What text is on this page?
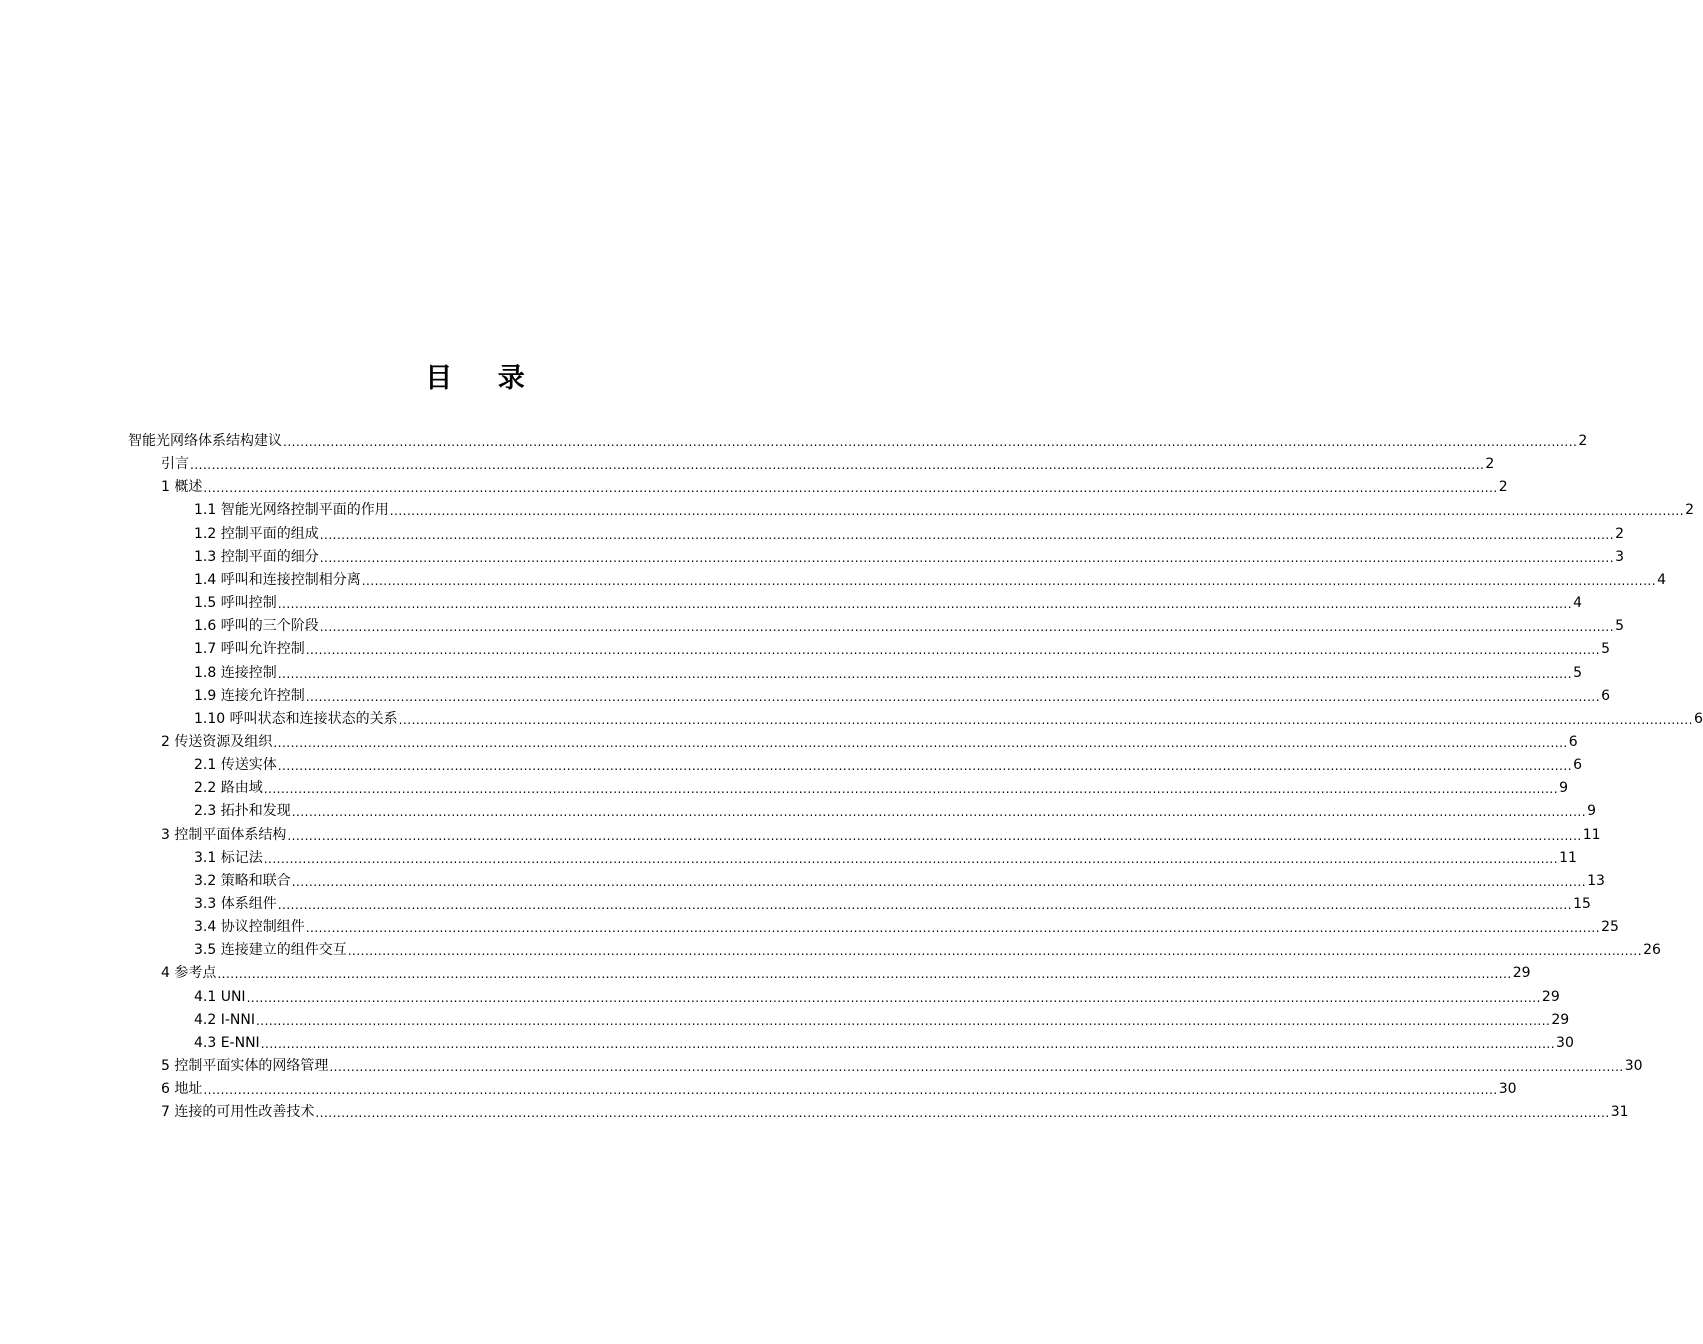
目 录
智能光网络体系结构建议 ............................................................................................................................................................................................................................................................................................................ 2
引言 ............................................................................................................................................................................................................................................................................................................ 2
1 概述 ............................................................................................................................................................................................................................................................................................................ 2
1.1 智能光网络控制平面的作用 ............................................................................................................................................................................................................................................................................................................ 2
1.2 控制平面的组成 ............................................................................................................................................................................................................................................................................................................ 2
1.3 控制平面的细分 ............................................................................................................................................................................................................................................................................................................ 3
1.4 呼叫和连接控制相分离 ............................................................................................................................................................................................................................................................................................................ 4
1.5 呼叫控制 ............................................................................................................................................................................................................................................................................................................ 4
1.6 呼叫的三个阶段 ............................................................................................................................................................................................................................................................................................................ 5
1.7 呼叫允许控制 ............................................................................................................................................................................................................................................................................................................ 5
1.8 连接控制 ............................................................................................................................................................................................................................................................................................................ 5
1.9 连接允许控制 ............................................................................................................................................................................................................................................................................................................ 6
1.10 呼叫状态和连接状态的关系 ............................................................................................................................................................................................................................................................................................................ 6
2 传送资源及组织 ............................................................................................................................................................................................................................................................................................................ 6
2.1 传送实体 ............................................................................................................................................................................................................................................................................................................ 6
2.2 路由域 ............................................................................................................................................................................................................................................................................................................ 9
2.3 拓扑和发现 ............................................................................................................................................................................................................................................................................................................ 9
3 控制平面体系结构 ............................................................................................................................................................................................................................................................................................................ 11
3.1 标记法 ............................................................................................................................................................................................................................................................................................................ 11
3.2 策略和联合 ............................................................................................................................................................................................................................................................................................................ 13
3.3 体系组件 ............................................................................................................................................................................................................................................................................................................ 15
3.4 协议控制组件 ............................................................................................................................................................................................................................................................................................................ 25
3.5 连接建立的组件交互 ............................................................................................................................................................................................................................................................................................................ 26
4 参考点 ............................................................................................................................................................................................................................................................................................................ 29
4.1 UNI ............................................................................................................................................................................................................................................................................................................ 29
4.2 I-NNI ............................................................................................................................................................................................................................................................................................................ 29
4.3 E-NNI ............................................................................................................................................................................................................................................................................................................ 30
5 控制平面实体的网络管理 ............................................................................................................................................................................................................................................................................................................ 30
6 地址 ............................................................................................................................................................................................................................................................................................................ 30
7 连接的可用性改善技术 ............................................................................................................................................................................................................................................................................................................ 31
